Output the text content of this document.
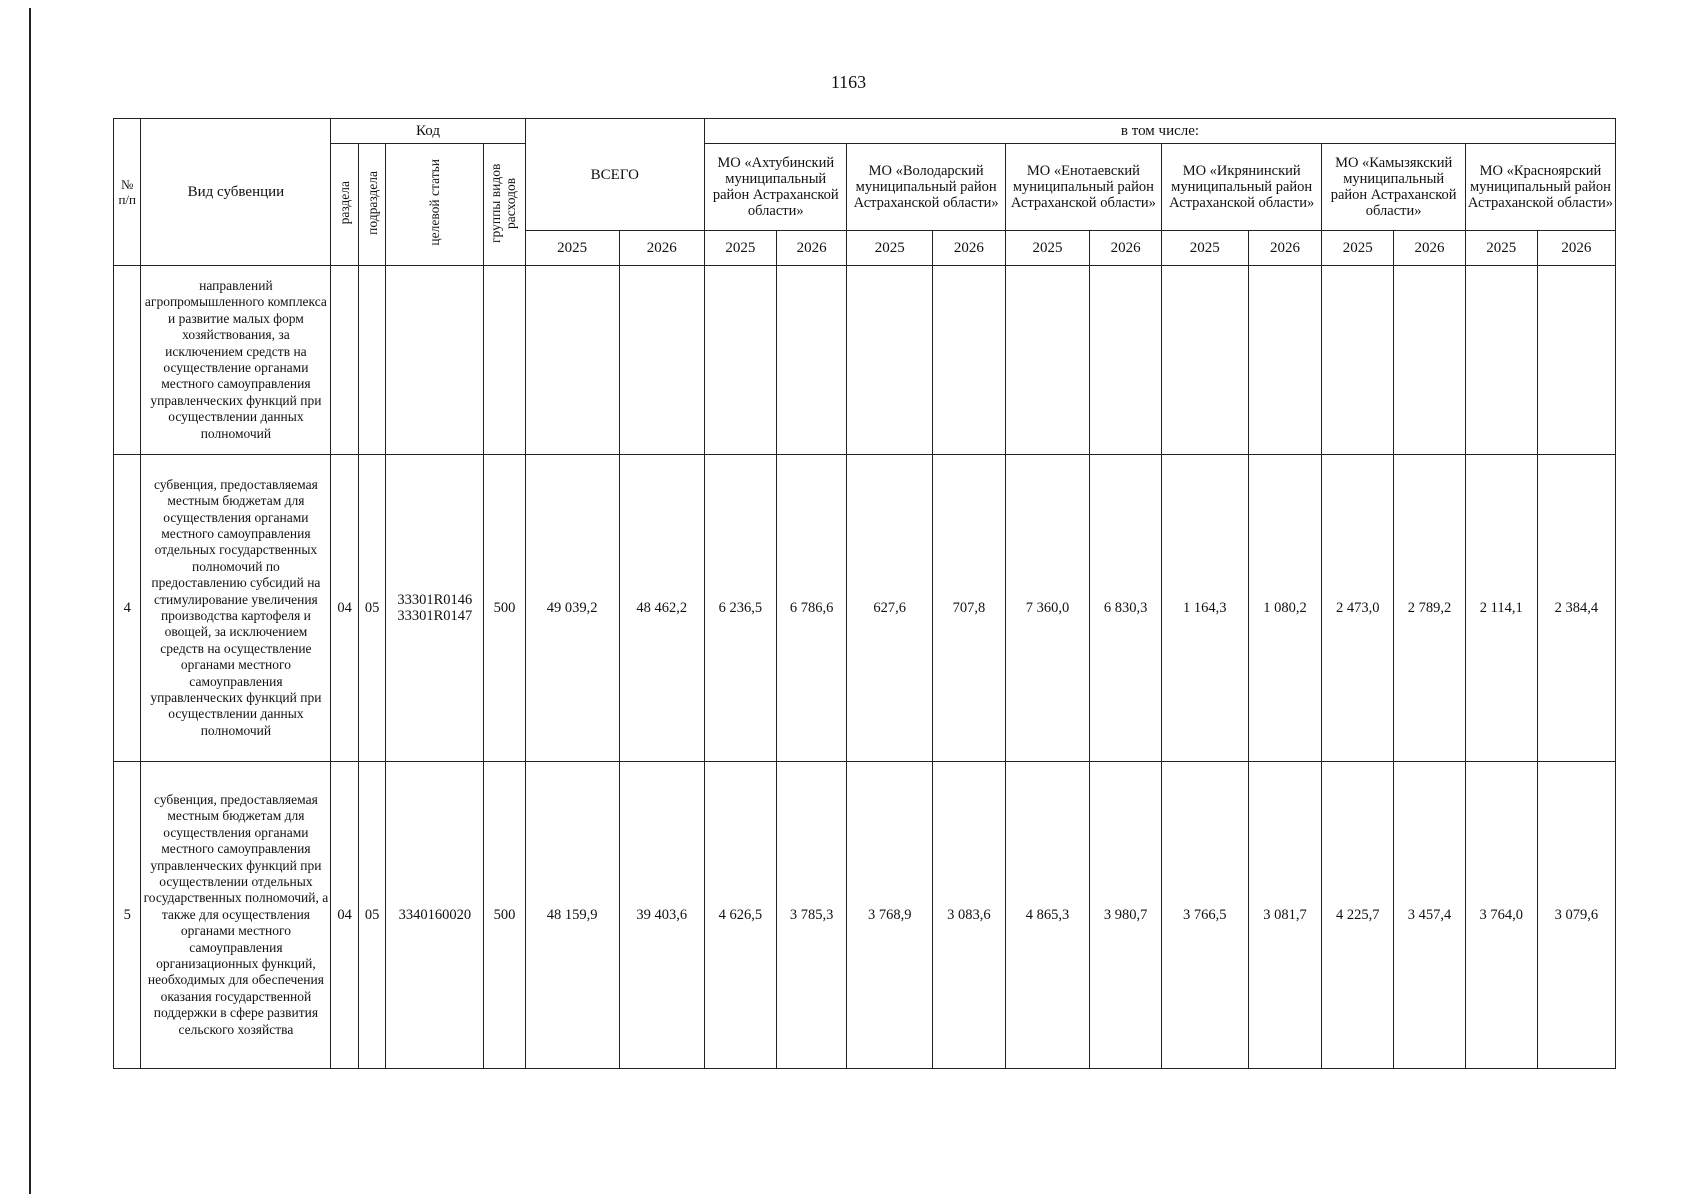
1163
№ п/п	Вид субвенции	Код				ВСЕГО		в том числе:											
		раздела	подраздела	целевой статьи	группы видов расходов			МО «Ахтубинский муниципальный район Астраханской области»		МО «Володарский муниципальный район Астраханской области»		МО «Енотаевский муниципальный район Астраханской области»		МО «Икрянинский муниципальный район Астраханской области»		МО «Камызякский муниципальный район Астраханской области»		МО «Красноярский муниципальный район Астраханской области»	
						2025	2026	2025	2026	2025	2026	2025	2026	2025	2026	2025	2026	2025	2026
	направлений агропромышленного комплекса и развитие малых форм хозяйствования, за исключением средств на осуществление органами местного самоуправления управленческих функций при осуществлении данных полномочий																		
4	субвенция, предоставляемая местным бюджетам для осуществления органами местного самоуправления отдельных государственных полномочий по предоставлению субсидий на стимулирование увеличения производства картофеля и овощей, за исключением средств на осуществление органами местного самоуправления управленческих функций при осуществлении данных полномочий	04	05	33301R0146 33301R0147	500	49 039,2	48 462,2	6 236,5	6 786,6	627,6	707,8	7 360,0	6 830,3	1 164,3	1 080,2	2 473,0	2 789,2	2 114,1	2 384,4
5	субвенция, предоставляемая местным бюджетам для осуществления органами местного самоуправления управленческих функций при осуществлении отдельных государственных полномочий, а также для осуществления органами местного самоуправления организационных функций, необходимых для обеспечения оказания государственной поддержки в сфере развития сельского хозяйства	04	05	3340160020	500	48 159,9	39 403,6	4 626,5	3 785,3	3 768,9	3 083,6	4 865,3	3 980,7	3 766,5	3 081,7	4 225,7	3 457,4	3 764,0	3 079,6
